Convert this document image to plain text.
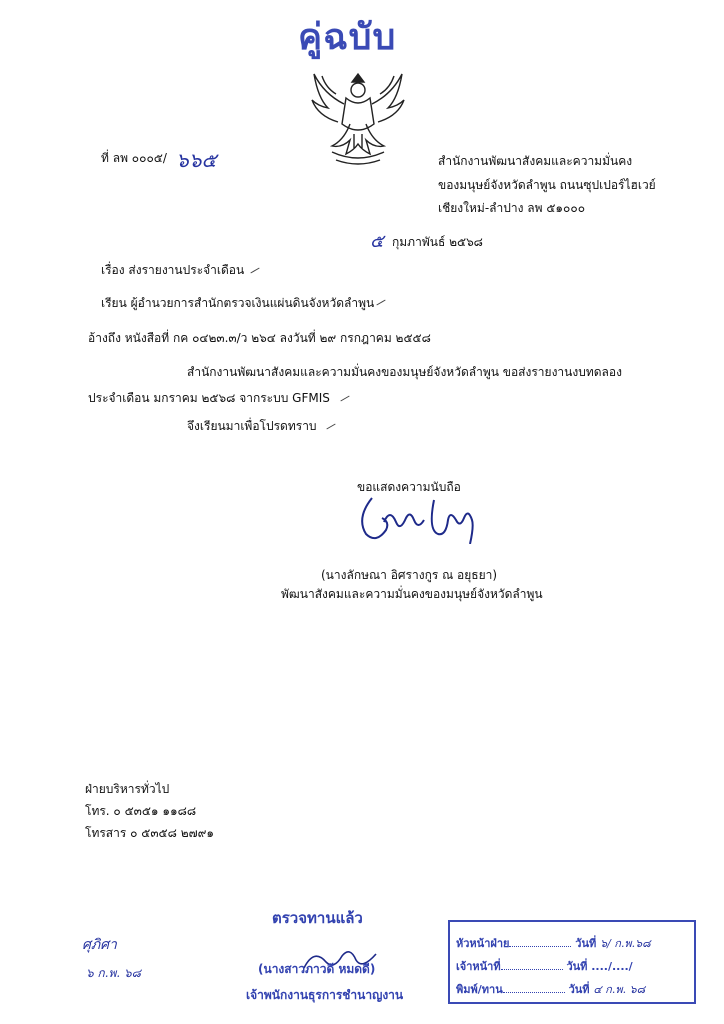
คู่ฉบับ
ที่ ลพ ๐๐๐๕/ ๖๖๕	สำนักงานพัฒนาสังคมและความมั่นคง
ของมนุษย์จังหวัดลำพูน ถนนซุปเปอร์ไฮเวย์
เชียงใหม่-ลำปาง ลพ ๕๑๐๐๐
๕ กุมภาพันธ์ ๒๕๖๘
เรื่อง ส่งรายงานประจำเดือน
เรียน ผู้อำนวยการสำนักตรวจเงินแผ่นดินจังหวัดลำพูน
อ้างถึง หนังสือที่ กค ๐๔๒๓.๓/ว ๒๖๔ ลงวันที่ ๒๙ กรกฎาคม ๒๕๕๘
สำนักงานพัฒนาสังคมและความมั่นคงของมนุษย์จังหวัดลำพูน ขอส่งรายงานงบทดลอง
ประจำเดือน มกราคม ๒๕๖๘ จากระบบ GFMIS
จึงเรียนมาเพื่อโปรดทราบ
ขอแสดงความนับถือ
(นางลักษณา อิศรางกูร ณ อยุธยา)
พัฒนาสังคมและความมั่นคงของมนุษย์จังหวัดลำพูน
ฝ่ายบริหารทั่วไป
โทร. ๐ ๕๓๕๑ ๑๑๘๘
โทรสาร ๐ ๕๓๕๘ ๒๗๙๑
ศุภิศา
๖ ก.พ. ๖๘
ตรวจทานแล้ว
(นางสาวภาวดี หมดดี)
เจ้าพนักงานธุรการชำนาญงาน
หัวหน้าฝ่าย	วันที่ ๖/ ก.พ.๖๘
เจ้าหน้าที่	วันที่ ..../..../
พิมพ์/ทาน	วันที่ ๔ ก.พ. ๖๘
